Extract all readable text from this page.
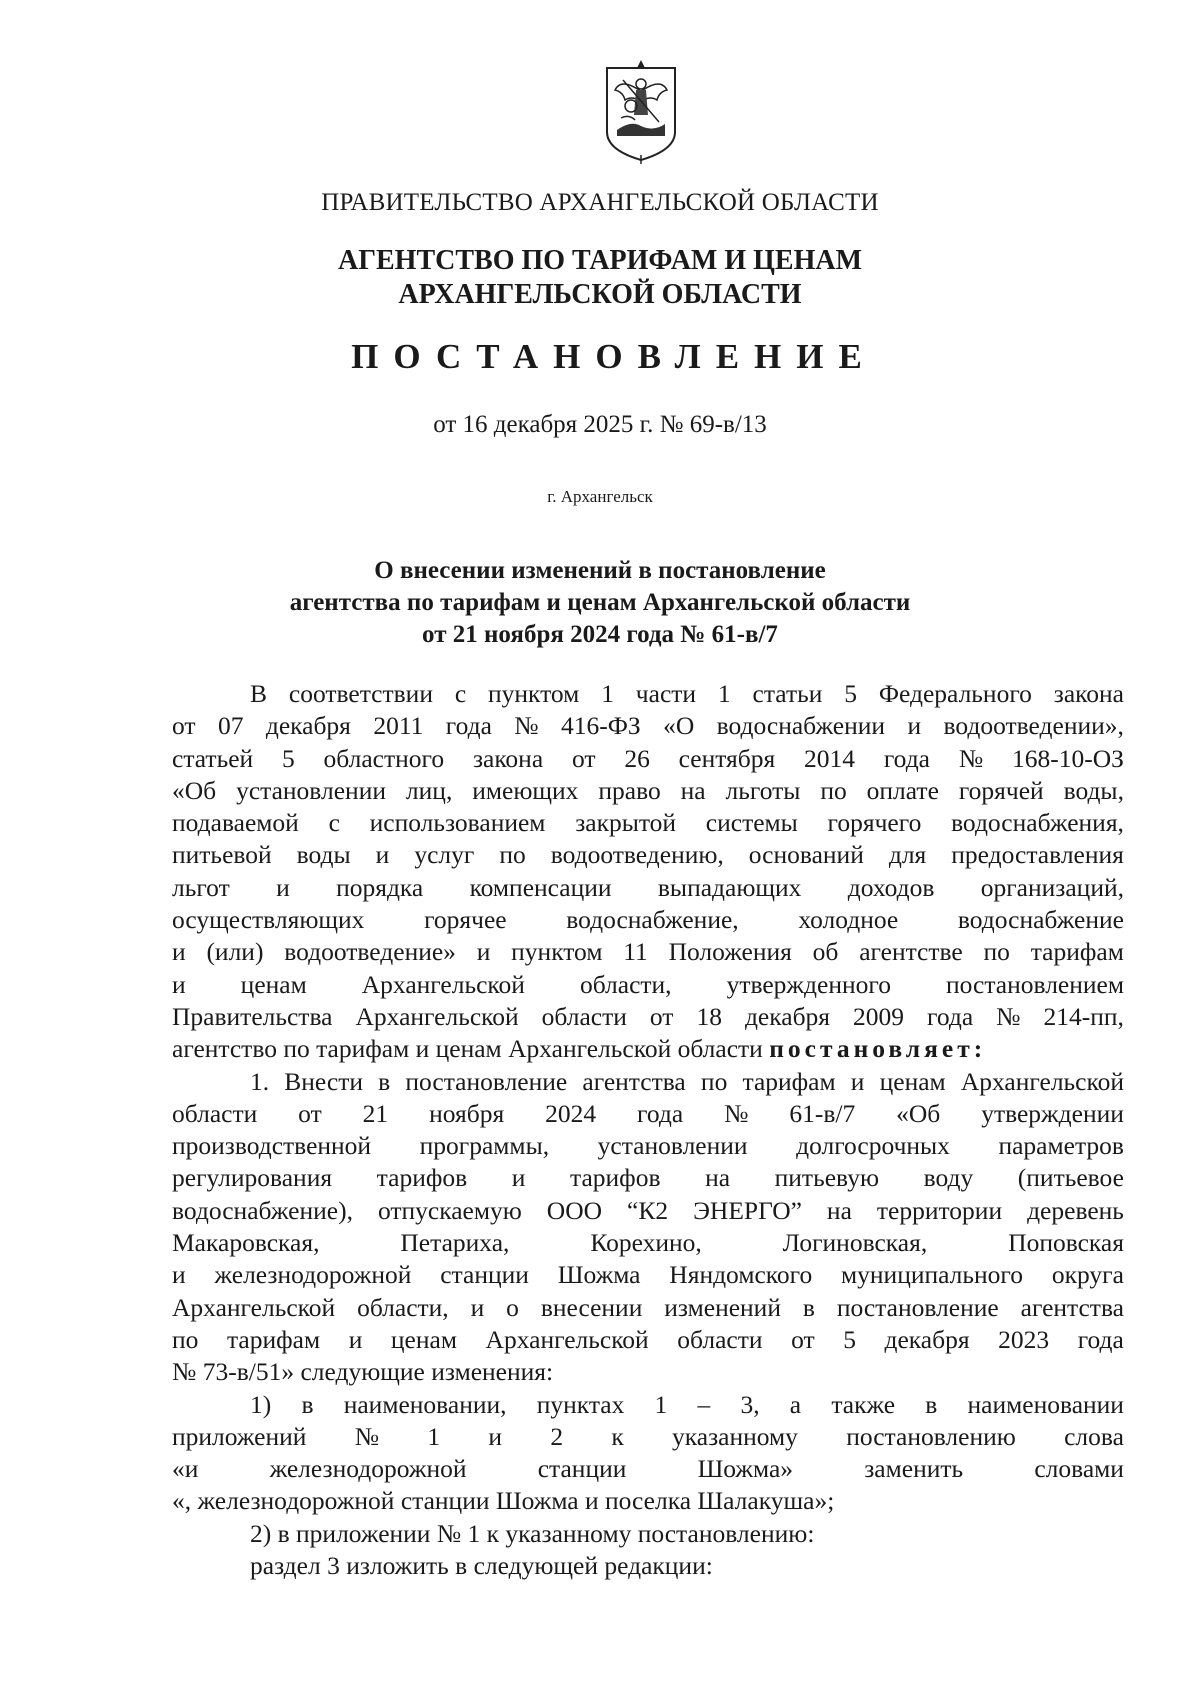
ПРАВИТЕЛЬСТВО АРХАНГЕЛЬСКОЙ ОБЛАСТИ
АГЕНТСТВО ПО ТАРИФАМ И ЦЕНАМ
АРХАНГЕЛЬСКОЙ ОБЛАСТИ
ПОСТАНОВЛЕНИЕ
от 16 декабря 2025 г. № 69-в/13
г. Архангельск
О внесении изменений в постановление
агентства по тарифам и ценам Архангельской области
от 21 ноября 2024 года № 61-в/7
В соответствии с пунктом 1 части 1 статьи 5 Федерального закона
от 07 декабря 2011 года № 416-ФЗ «О водоснабжении и водоотведении»,
статьей 5 областного закона от 26 сентября 2014 года № 168-10-ОЗ
«Об установлении лиц, имеющих право на льготы по оплате горячей воды,
подаваемой с использованием закрытой системы горячего водоснабжения,
питьевой воды и услуг по водоотведению, оснований для предоставления
льгот и порядка компенсации выпадающих доходов организаций,
осуществляющих горячее водоснабжение, холодное водоснабжение
и (или) водоотведение» и пунктом 11 Положения об агентстве по тарифам
и ценам Архангельской области, утвержденного постановлением
Правительства Архангельской области от 18 декабря 2009 года № 214-пп,
агентство по тарифам и ценам Архангельской области постановляет:
1. Внести в постановление агентства по тарифам и ценам Архангельской
области от 21 ноября 2024 года № 61-в/7 «Об утверждении
производственной программы, установлении долгосрочных параметров
регулирования тарифов и тарифов на питьевую воду (питьевое
водоснабжение), отпускаемую ООО “К2 ЭНЕРГО” на территории деревень
Макаровская,	Петариха,	Корехино,	Логиновская,	Поповская
и железнодорожной станции Шожма Няндомского муниципального округа
Архангельской области, и о внесении изменений в постановление агентства
по тарифам и ценам Архангельской области от 5 декабря 2023 года
№ 73-в/51» следующие изменения:
1) в наименовании, пунктах 1 – 3, а также в наименовании
приложений № 1 и 2 к указанному постановлению слова
«и	железнодорожной	станции	Шожма»	заменить	словами
«, железнодорожной станции Шожма и поселка Шалакуша»;
2) в приложении № 1 к указанному постановлению:
раздел 3 изложить в следующей редакции:
